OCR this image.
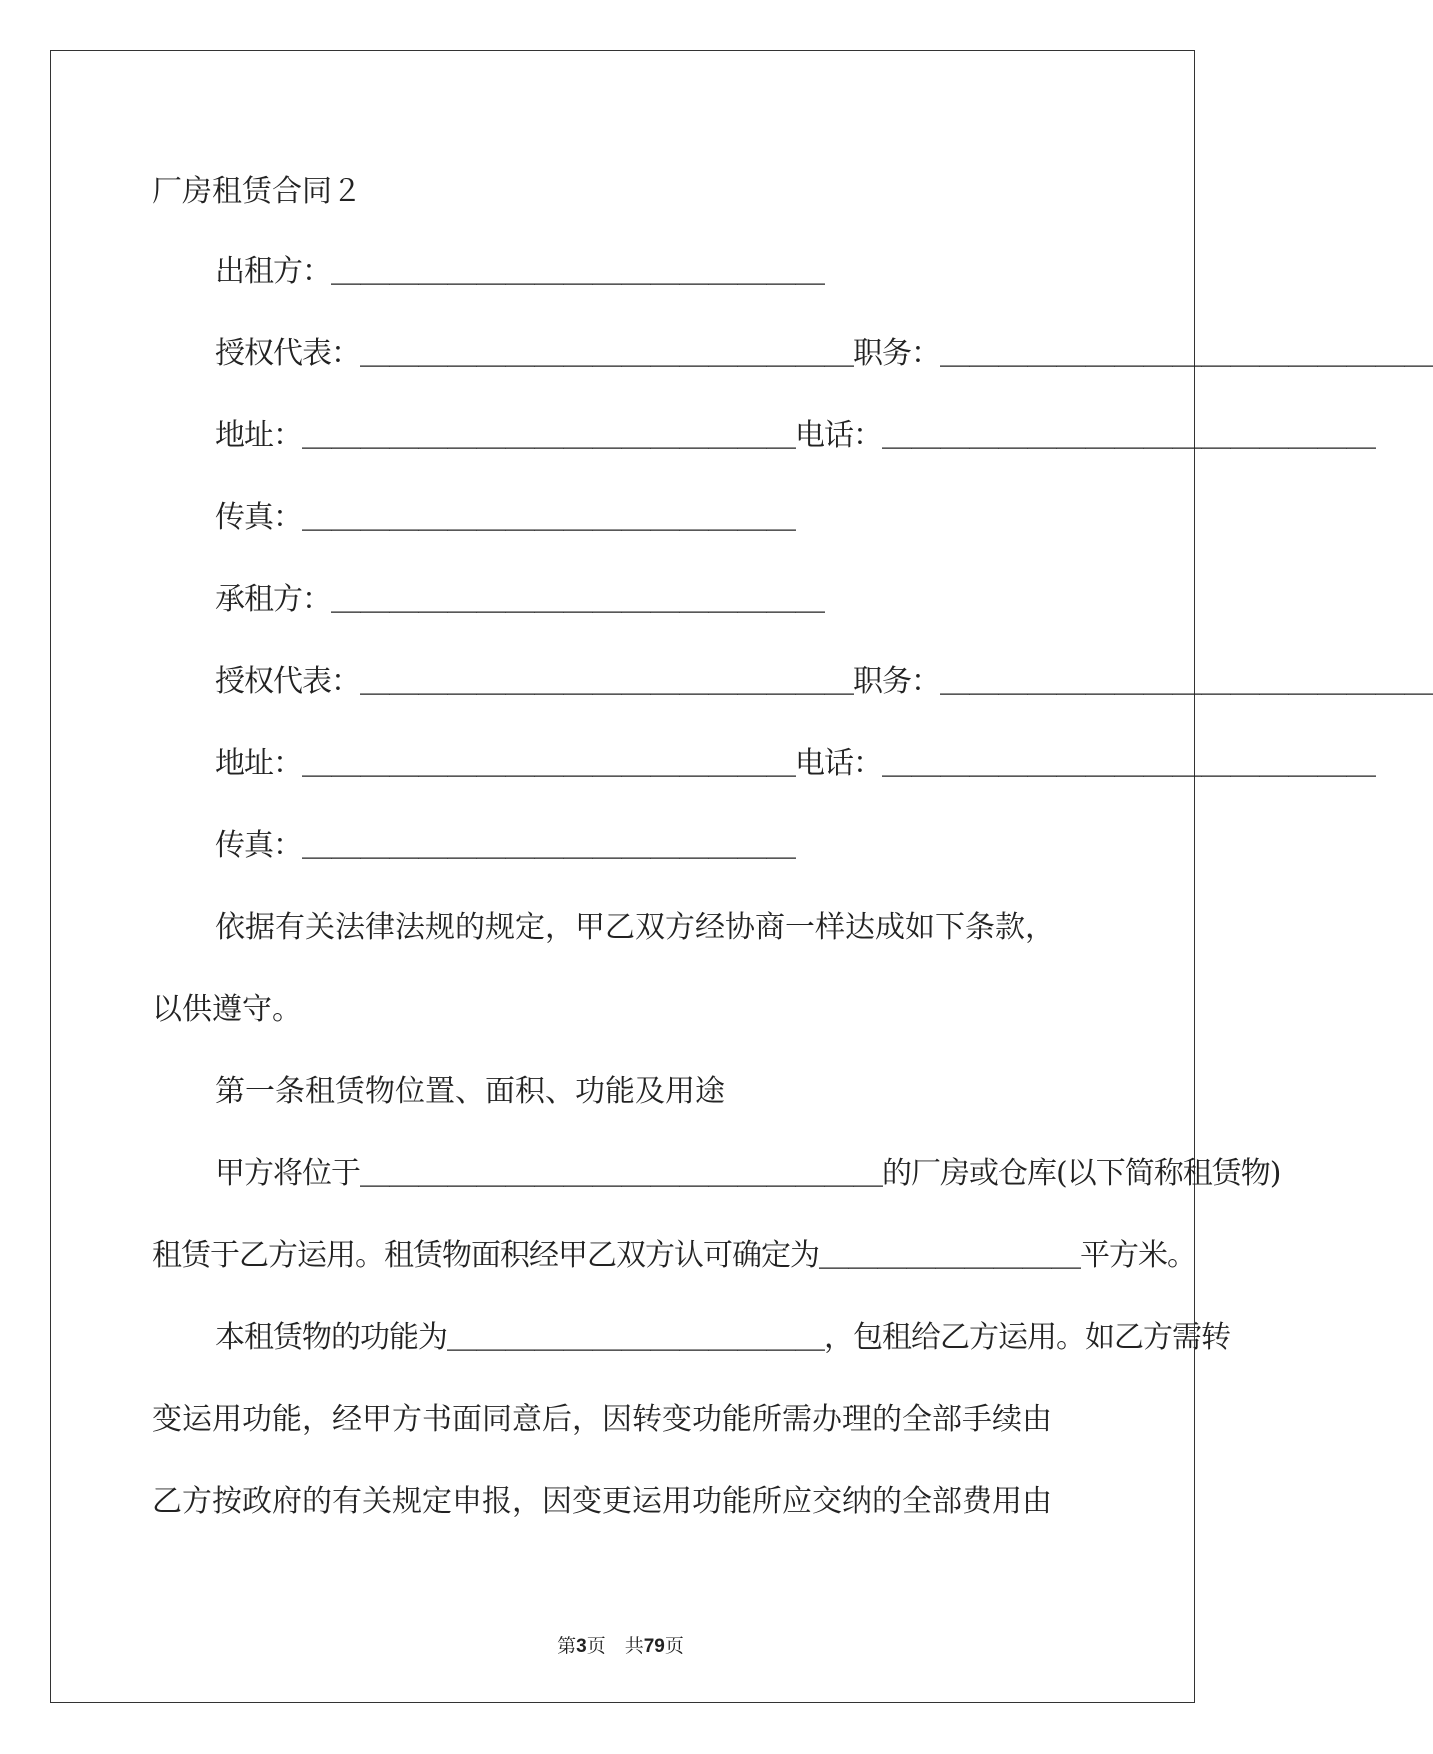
厂房租赁合同２

出租方：＿＿＿＿＿＿＿＿＿＿＿＿＿＿＿＿＿

授权代表：＿＿＿＿＿＿＿＿＿＿＿＿＿＿＿＿＿职务：＿＿＿＿＿＿＿＿＿＿＿＿＿＿＿＿＿

地址：＿＿＿＿＿＿＿＿＿＿＿＿＿＿＿＿＿电话：＿＿＿＿＿＿＿＿＿＿＿＿＿＿＿＿＿

传真：＿＿＿＿＿＿＿＿＿＿＿＿＿＿＿＿＿

承租方：＿＿＿＿＿＿＿＿＿＿＿＿＿＿＿＿＿

授权代表：＿＿＿＿＿＿＿＿＿＿＿＿＿＿＿＿＿职务：＿＿＿＿＿＿＿＿＿＿＿＿＿＿＿＿＿

地址：＿＿＿＿＿＿＿＿＿＿＿＿＿＿＿＿＿电话：＿＿＿＿＿＿＿＿＿＿＿＿＿＿＿＿＿

传真：＿＿＿＿＿＿＿＿＿＿＿＿＿＿＿＿＿

依据有关法律法规的规定，甲乙双方经协商一样达成如下条款，

以供遵守。

第一条租赁物位置、面积、功能及用途

甲方将位于＿＿＿＿＿＿＿＿＿＿＿＿＿＿＿＿＿＿的厂房或仓库(以下简称租赁物)

租赁于乙方运用。租赁物面积经甲乙双方认可确定为＿＿＿＿＿＿＿＿＿平方米。

本租赁物的功能为＿＿＿＿＿＿＿＿＿＿＿＿＿，包租给乙方运用。如乙方需转

变运用功能，经甲方书面同意后，因转变功能所需办理的全部手续由

乙方按政府的有关规定申报，因变更运用功能所应交纳的全部费用由

第3页　共79页
